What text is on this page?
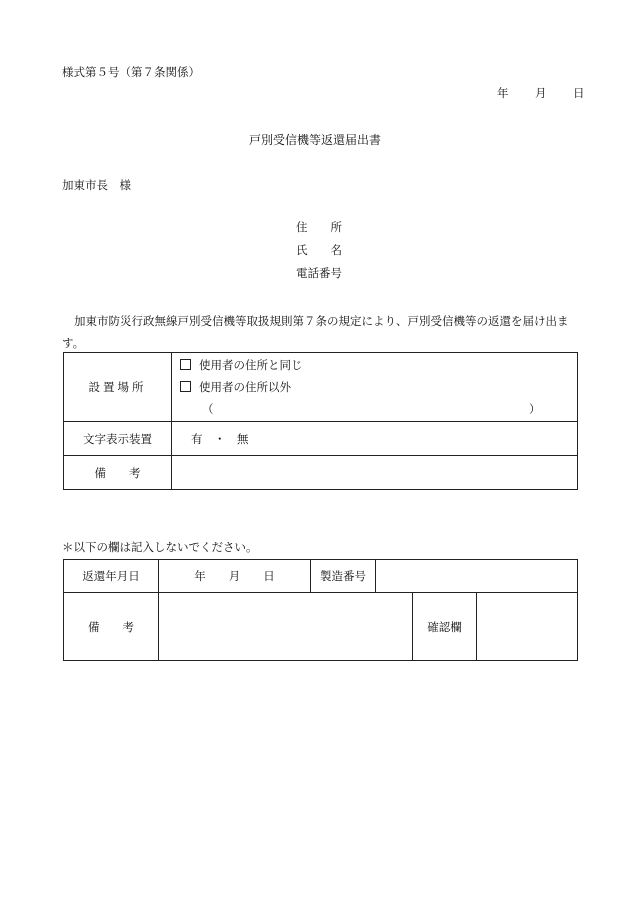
様式第５号（第７条関係）
年 月 日
戸別受信機等返還届出書
加東市長　様
住　　所
氏　　名
電話番号
加東市防災行政無線戸別受信機等取扱規則第７条の規定により、戸別受信機等の返還を届け出ます。
設置場所	使用者の住所と同じ
使用者の住所以外
（ ）

文字表示装置	有　・　無
備　　考	
＊以下の欄は記入しないでください。
返還年月日	年　　月　　日	製造番号			
備　　考				確認欄	
